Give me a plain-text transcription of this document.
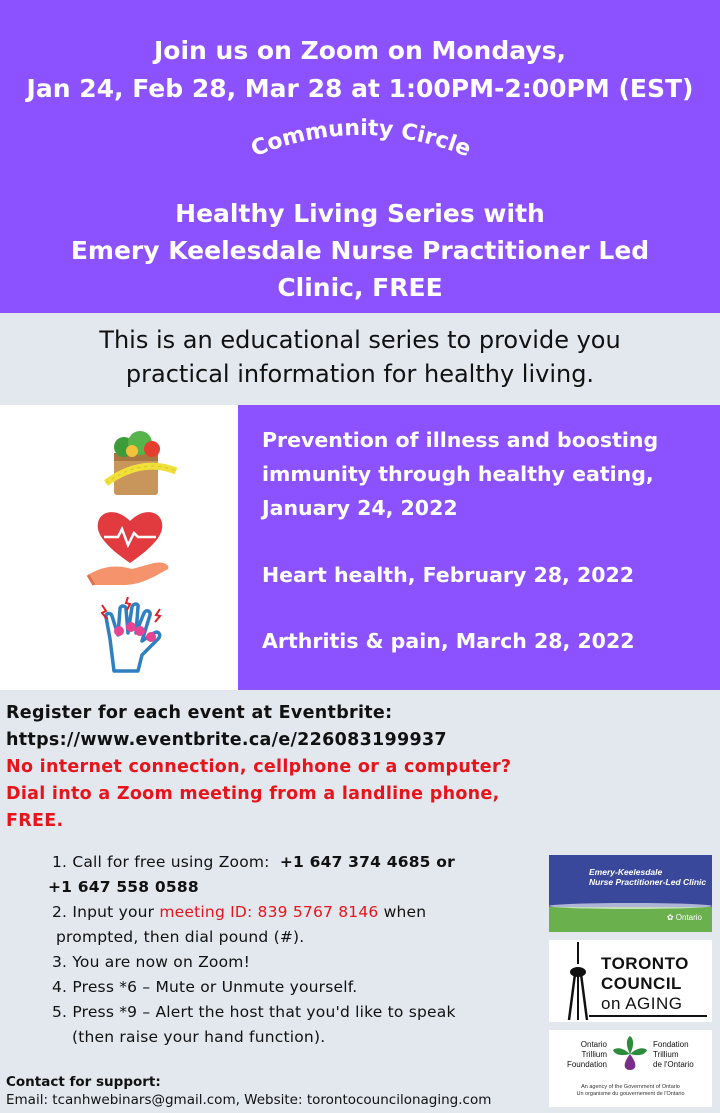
Join us on Zoom on Mondays,
Jan 24, Feb 28, Mar 28 at 1:00PM-2:00PM (EST)
Community Circle
Healthy Living Series with
Emery Keelesdale Nurse Practitioner Led
Clinic, FREE
This is an educational series to provide you
practical information for healthy living.
Prevention of illness and boosting
immunity through healthy eating,
January 24, 2022
Heart health, February 28, 2022
Arthritis & pain, March 28, 2022
Register for each event at Eventbrite:
https://www.eventbrite.ca/e/226083199937
No internet connection, cellphone or a computer?
Dial into a Zoom meeting from a landline phone,
FREE.
1. Call for free using Zoom:  +1 647 374 4685 or
+1 647 558 0588
2. Input your meeting ID: 839 5767 8146 when
prompted, then dial pound (#).
3. You are now on Zoom!
4. Press *6 – Mute or Unmute yourself.
5. Press *9 – Alert the host that you'd like to speak
(then raise your hand function).
Contact for support:
Email: tcanhwebinars@gmail.com, Website: torontocouncilonaging.com
Emery-Keelesdale
Nurse Practitioner-Led Clinic
✿ Ontario
TORONTO
COUNCIL
on AGING
Ontario
Trillium
Foundation
Fondation
Trillium
de l'Ontario
An agency of the Government of Ontario
Un organisme du gouvernement de l'Ontario
